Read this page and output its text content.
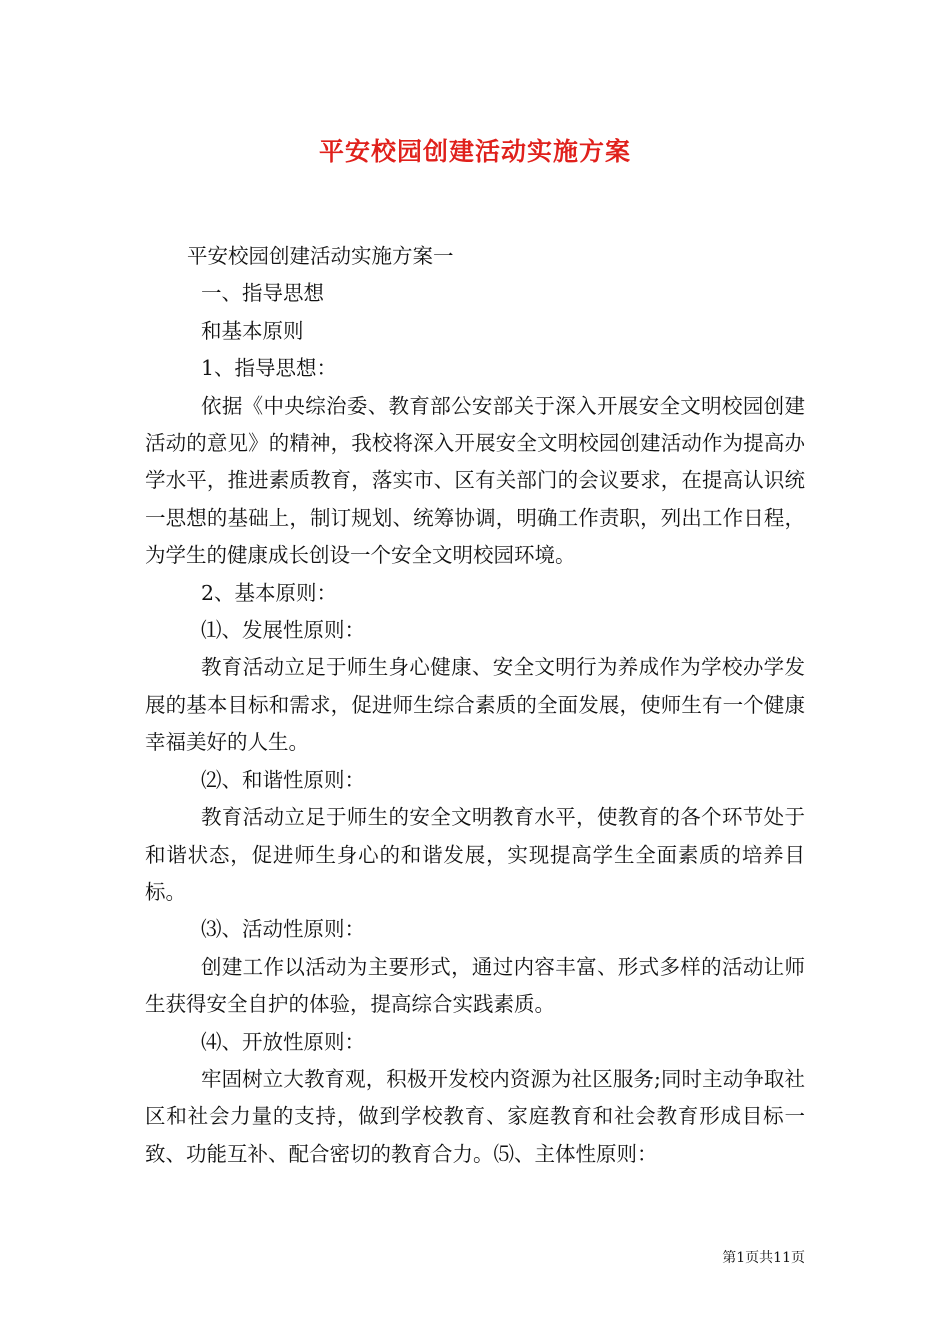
平安校园创建活动实施方案

平安校园创建活动实施方案一

一、指导思想

和基本原则

1、指导思想：

依据《中央综治委、教育部公安部关于深入开展安全文明校园创建活动的意见》的精神，我校将深入开展安全文明校园创建活动作为提高办学水平，推进素质教育，落实市、区有关部门的会议要求，在提高认识统一思想的基础上，制订规划、统筹协调，明确工作责职，列出工作日程，为学生的健康成长创设一个安全文明校园环境。

2、基本原则：

⑴、发展性原则：

教育活动立足于师生身心健康、安全文明行为养成作为学校办学发展的基本目标和需求，促进师生综合素质的全面发展，使师生有一个健康幸福美好的人生。

⑵、和谐性原则：

教育活动立足于师生的安全文明教育水平，使教育的各个环节处于和谐状态，促进师生身心的和谐发展，实现提高学生全面素质的培养目标。

⑶、活动性原则：

创建工作以活动为主要形式，通过内容丰富、形式多样的活动让师生获得安全自护的体验，提高综合实践素质。

⑷、开放性原则：

牢固树立大教育观，积极开发校内资源为社区服务;同时主动争取社区和社会力量的支持，做到学校教育、家庭教育和社会教育形成目标一致、功能互补、配合密切的教育合力。⑸、主体性原则：

第1页共11页
